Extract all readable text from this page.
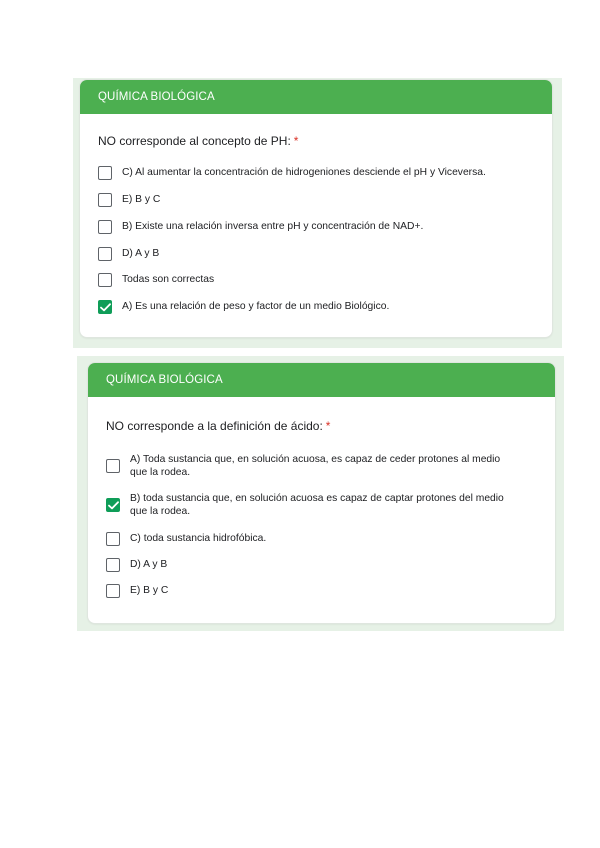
QUÍMICA BIOLÓGICA

NO corresponde al concepto de PH: *

C) Al aumentar la concentración de hidrogeniones desciende el pH y Viceversa.
E) B y C
B) Existe una relación inversa entre pH y concentración de NAD+.
D) A y B
Todas son correctas
A) Es una relación de peso y factor de un medio Biológico.
QUÍMICA BIOLÓGICA

NO corresponde a la definición de ácido: *

A) Toda sustancia que, en solución acuosa, es capaz de ceder protones al medio que la rodea.
B) toda sustancia que, en solución acuosa es capaz de captar protones del medio que la rodea.
C) toda sustancia hidrofóbica.
D) A y B
E) B y C
